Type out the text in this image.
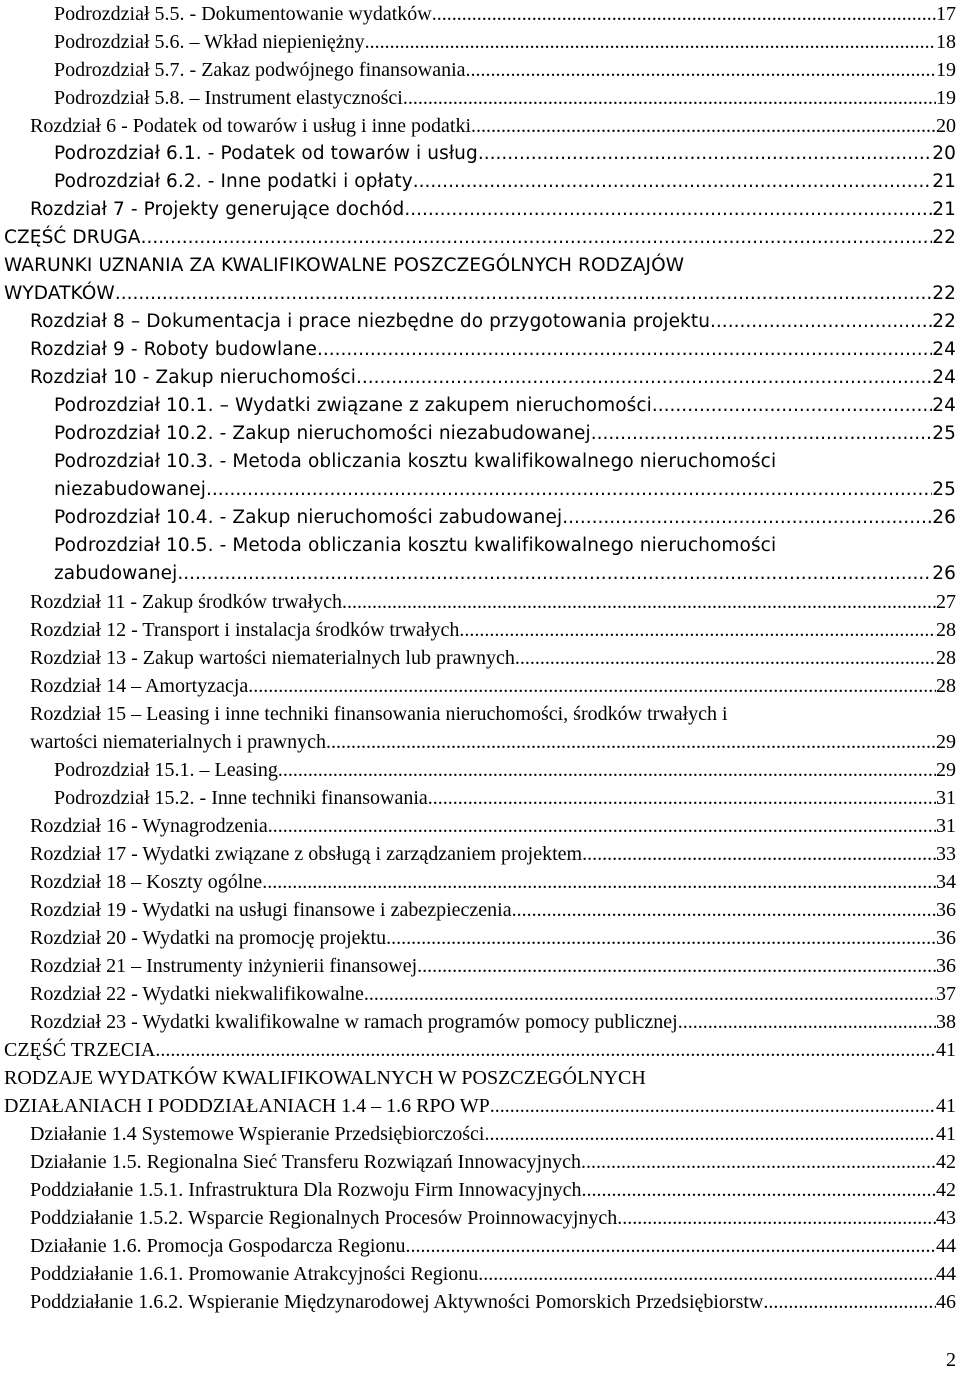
Podrozdział 5.5. - Dokumentowanie wydatków .....	17
Podrozdział 5.6. – Wkład niepieniężny .....	18
Podrozdział 5.7. - Zakaz podwójnego finansowania .....	19
Podrozdział 5.8. – Instrument elastyczności .....	19
Rozdział 6 - Podatek od towarów i usług i inne podatki .....	20
Podrozdział 6.1. - Podatek od towarów i usług .....	20
Podrozdział 6.2. - Inne podatki i opłaty .....	21
Rozdział 7 - Projekty generujące dochód .....	21
CZĘŚĆ DRUGA .....	22
WARUNKI UZNANIA ZA KWALIFIKOWALNE POSZCZEGÓLNYCH RODZAJÓW
WYDATKÓW .....	22
Rozdział 8 – Dokumentacja i prace niezbędne do przygotowania projektu .....	22
Rozdział 9 - Roboty budowlane .....	24
Rozdział 10 - Zakup nieruchomości .....	24
Podrozdział 10.1. – Wydatki związane z zakupem nieruchomości .....	24
Podrozdział 10.2. - Zakup nieruchomości niezabudowanej .....	25
Podrozdział 10.3. - Metoda obliczania kosztu kwalifikowalnego nieruchomości
niezabudowanej .....	25
Podrozdział 10.4. - Zakup nieruchomości zabudowanej .....	26
Podrozdział 10.5. - Metoda obliczania kosztu kwalifikowalnego nieruchomości
zabudowanej .....	26
Rozdział 11 - Zakup środków trwałych .....	27
Rozdział 12 - Transport i instalacja środków trwałych .....	28
Rozdział 13 - Zakup wartości niematerialnych lub prawnych .....	28
Rozdział 14 – Amortyzacja .....	28
Rozdział 15 – Leasing i inne techniki finansowania nieruchomości, środków trwałych i
wartości niematerialnych i prawnych .....	29
Podrozdział 15.1. – Leasing .....	29
Podrozdział 15.2. - Inne techniki finansowania .....	31
Rozdział 16 - Wynagrodzenia .....	31
Rozdział 17 - Wydatki związane z obsługą i zarządzaniem projektem .....	33
Rozdział 18 – Koszty ogólne .....	34
Rozdział 19 - Wydatki na usługi finansowe i zabezpieczenia .....	36
Rozdział 20 - Wydatki na promocję projektu .....	36
Rozdział 21 – Instrumenty inżynierii finansowej .....	36
Rozdział 22 - Wydatki niekwalifikowalne .....	37
Rozdział 23 - Wydatki kwalifikowalne w ramach programów pomocy publicznej .....	38
CZĘŚĆ TRZECIA .....	41
RODZAJE WYDATKÓW KWALIFIKOWALNYCH W POSZCZEGÓLNYCH
DZIAŁANIACH I PODDZIAŁANIACH 1.4 – 1.6 RPO WP .....	41
Działanie 1.4 Systemowe Wspieranie Przedsiębiorczości .....	41
Działanie 1.5. Regionalna Sieć Transferu Rozwiązań Innowacyjnych .....	42
Poddziałanie 1.5.1. Infrastruktura Dla Rozwoju Firm Innowacyjnych .....	42
Poddziałanie 1.5.2. Wsparcie Regionalnych Procesów Proinnowacyjnych .....	43
Działanie 1.6. Promocja Gospodarcza Regionu .....	44
Poddziałanie 1.6.1. Promowanie Atrakcyjności Regionu .....	44
Poddziałanie 1.6.2. Wspieranie Międzynarodowej Aktywności Pomorskich Przedsiębiorstw .....	46
2
